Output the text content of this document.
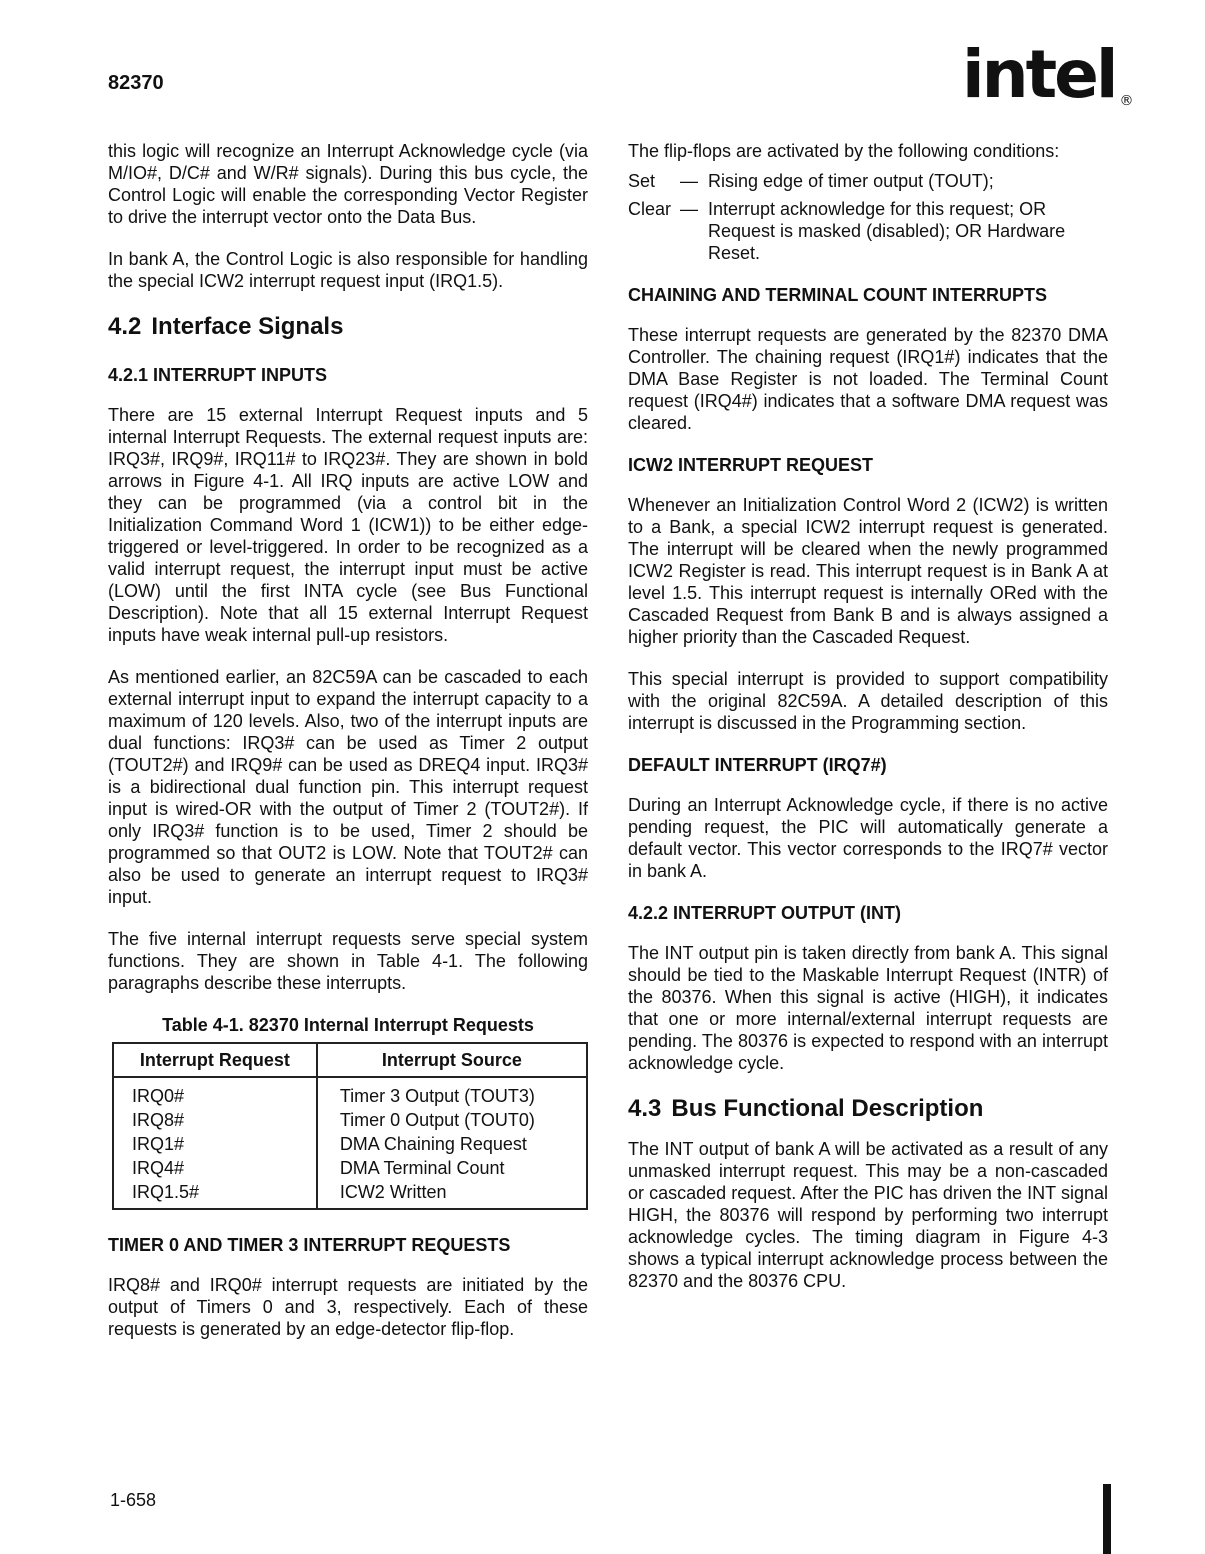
82370	intel ®

this logic will recognize an Interrupt Acknowledge cycle (via M/IO#, D/C# and W/R# signals). During this bus cycle, the Control Logic will enable the corresponding Vector Register to drive the interrupt vector onto the Data Bus.

In bank A, the Control Logic is also responsible for handling the special ICW2 interrupt request input (IRQ1.5).

4.2 Interface Signals
4.2.1 INTERRUPT INPUTS

There are 15 external Interrupt Request inputs and 5 internal Interrupt Requests. The external request inputs are: IRQ3#, IRQ9#, IRQ11# to IRQ23#. They are shown in bold arrows in Figure 4-1. All IRQ inputs are active LOW and they can be programmed (via a control bit in the Initialization Command Word 1 (ICW1)) to be either edge-triggered or level-triggered. In order to be recognized as a valid interrupt request, the interrupt input must be active (LOW) until the first INTA cycle (see Bus Functional Description). Note that all 15 external Interrupt Request inputs have weak internal pull-up resistors.

As mentioned earlier, an 82C59A can be cascaded to each external interrupt input to expand the interrupt capacity to a maximum of 120 levels. Also, two of the interrupt inputs are dual functions: IRQ3# can be used as Timer 2 output (TOUT2#) and IRQ9# can be used as DREQ4 input. IRQ3# is a bidirectional dual function pin. This interrupt request input is wired-OR with the output of Timer 2 (TOUT2#). If only IRQ3# function is to be used, Timer 2 should be programmed so that OUT2 is LOW. Note that TOUT2# can also be used to generate an interrupt request to IRQ3# input.

The five internal interrupt requests serve special system functions. They are shown in Table 4-1. The following paragraphs describe these interrupts.

Table 4-1. 82370 Internal Interrupt Requests
Interrupt Request	Interrupt Source
IRQ0#	Timer 3 Output (TOUT3)
IRQ8#	Timer 0 Output (TOUT0)
IRQ1#	DMA Chaining Request
IRQ4#	DMA Terminal Count
IRQ1.5#	ICW2 Written
TIMER 0 AND TIMER 3 INTERRUPT REQUESTS

IRQ8# and IRQ0# interrupt requests are initiated by the output of Timers 0 and 3, respectively. Each of these requests is generated by an edge-detector flip-flop.

The flip-flops are activated by the following conditions:

Set	— Rising edge of timer output (TOUT);
Clear — Interrupt acknowledge for this request; OR Request is masked (disabled); OR Hardware Reset.
CHAINING AND TERMINAL COUNT INTERRUPTS

These interrupt requests are generated by the 82370 DMA Controller. The chaining request (IRQ1#) indicates that the DMA Base Register is not loaded. The Terminal Count request (IRQ4#) indicates that a software DMA request was cleared.

ICW2 INTERRUPT REQUEST

Whenever an Initialization Control Word 2 (ICW2) is written to a Bank, a special ICW2 interrupt request is generated. The interrupt will be cleared when the newly programmed ICW2 Register is read. This interrupt request is in Bank A at level 1.5. This interrupt request is internally ORed with the Cascaded Request from Bank B and is always assigned a higher priority than the Cascaded Request.

This special interrupt is provided to support compatibility with the original 82C59A. A detailed description of this interrupt is discussed in the Programming section.

DEFAULT INTERRUPT (IRQ7#)

During an Interrupt Acknowledge cycle, if there is no active pending request, the PIC will automatically generate a default vector. This vector corresponds to the IRQ7# vector in bank A.

4.2.2 INTERRUPT OUTPUT (INT)

The INT output pin is taken directly from bank A. This signal should be tied to the Maskable Interrupt Request (INTR) of the 80376. When this signal is active (HIGH), it indicates that one or more internal/external interrupt requests are pending. The 80376 is expected to respond with an interrupt acknowledge cycle.

4.3 Bus Functional Description

The INT output of bank A will be activated as a result of any unmasked interrupt request. This may be a non-cascaded or cascaded request. After the PIC has driven the INT signal HIGH, the 80376 will respond by performing two interrupt acknowledge cycles. The timing diagram in Figure 4-3 shows a typical interrupt acknowledge process between the 82370 and the 80376 CPU.

1-658
